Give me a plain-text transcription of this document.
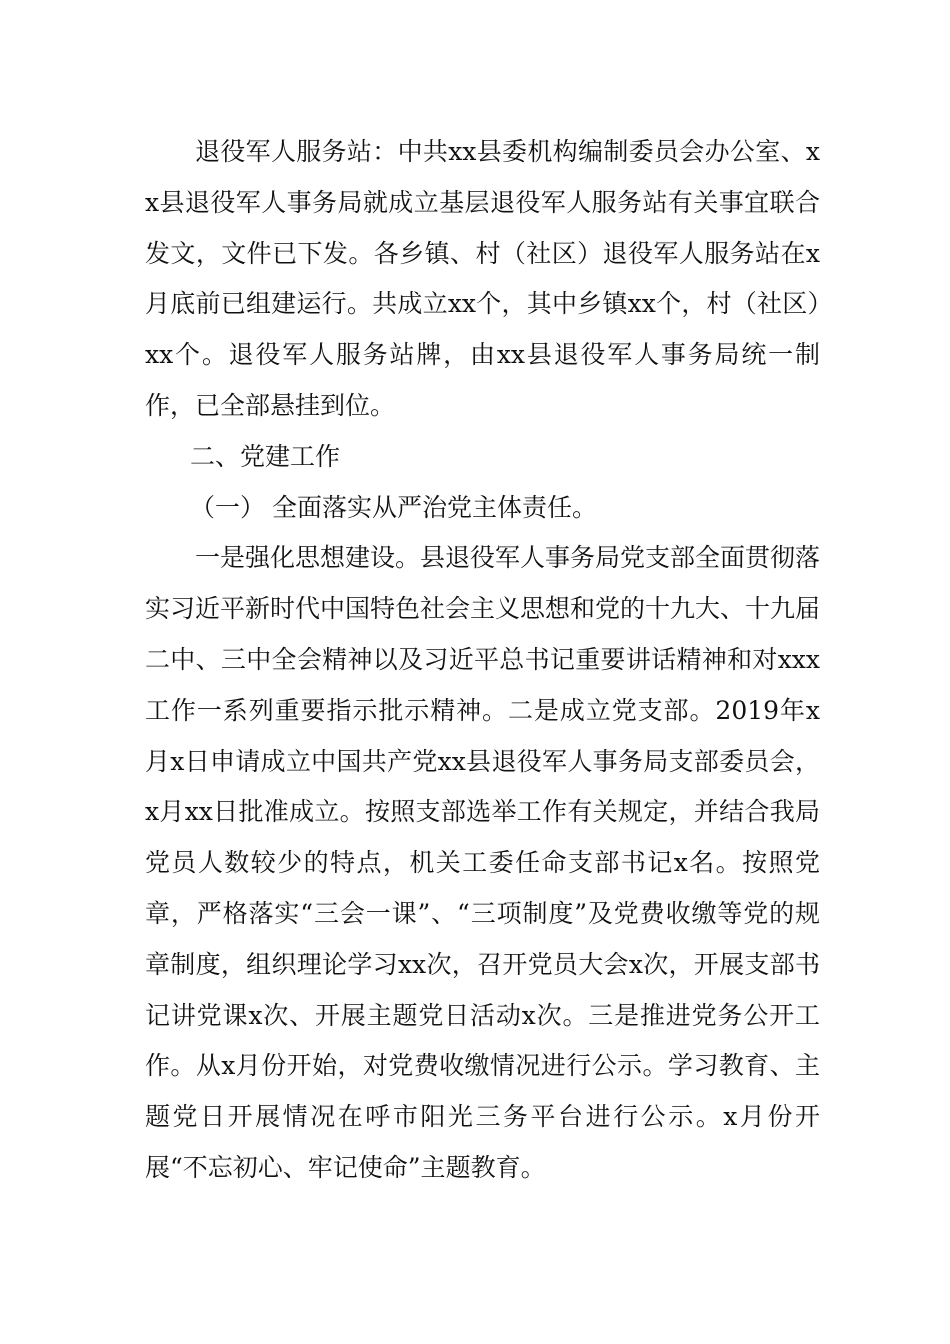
退役军人服务站：中共xx县委机构编制委员会办公室、xx县退役军人事务局就成立基层退役军人服务站有关事宜联合发文，文件已下发。各乡镇、村（社区）退役军人服务站在x月底前已组建运行。共成立xx个，其中乡镇xx个，村（社区）xx个。退役军人服务站牌，由xx县退役军人事务局统一制作，已全部悬挂到位。

二、党建工作

（一） 全面落实从严治党主体责任。

一是强化思想建设。县退役军人事务局党支部全面贯彻落实习近平新时代中国特色社会主义思想和党的十九大、十九届二中、三中全会精神以及习近平总书记重要讲话精神和对xxx工作一系列重要指示批示精神。二是成立党支部。2019年x月x日申请成立中国共产党xx县退役军人事务局支部委员会，x月xx日批准成立。按照支部选举工作有关规定，并结合我局党员人数较少的特点，机关工委任命支部书记x名。按照党章，严格落实“三会一课”、“三项制度”及党费收缴等党的规章制度，组织理论学习xx次，召开党员大会x次，开展支部书记讲党课x次、开展主题党日活动x次。三是推进党务公开工作。从x月份开始，对党费收缴情况进行公示。学习教育、主题党日开展情况在呼市阳光三务平台进行公示。x月份开展“不忘初心、牢记使命”主题教育。
